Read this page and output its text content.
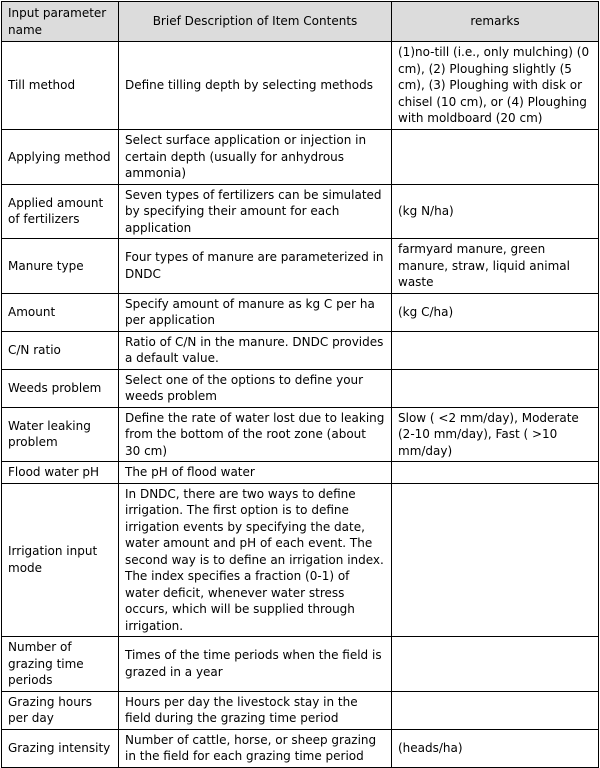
Input parameter name	Brief Description of Item Contents	remarks
Till method	Define tilling depth by selecting methods	(1)no-till (i.e., only mulching) (0 cm), (2) Ploughing slightly (5 cm), (3) Ploughing with disk or chisel (10 cm), or (4) Ploughing with moldboard (20 cm)
Applying method	Select surface application or injection in certain depth (usually for anhydrous ammonia)	
Applied amount of fertilizers	Seven types of fertilizers can be simulated by specifying their amount for each application	(kg N/ha)
Manure type	Four types of manure are parameterized in DNDC	farmyard manure, green manure, straw, liquid animal waste
Amount	Specify amount of manure as kg C per ha per application	(kg C/ha)
C/N ratio	Ratio of C/N in the manure. DNDC provides a default value.	
Weeds problem	Select one of the options to define your weeds problem	
Water leaking problem	Define the rate of water lost due to leaking from the bottom of the root zone (about 30 cm)	Slow ( <2 mm/day), Moderate (2-10 mm/day), Fast ( >10 mm/day)
Flood water pH	The pH of flood water	
Irrigation input mode	In DNDC, there are two ways to define irrigation. The first option is to define irrigation events by specifying the date, water amount and pH of each event. The second way is to define an irrigation index. The index specifies a fraction (0-1) of water deficit, whenever water stress occurs, which will be supplied through irrigation.	
Number of grazing time periods	Times of the time periods when the field is grazed in a year	
Grazing hours per day	Hours per day the livestock stay in the field during the grazing time period	
Grazing intensity	Number of cattle, horse, or sheep grazing in the field for each grazing time period	(heads/ha)
